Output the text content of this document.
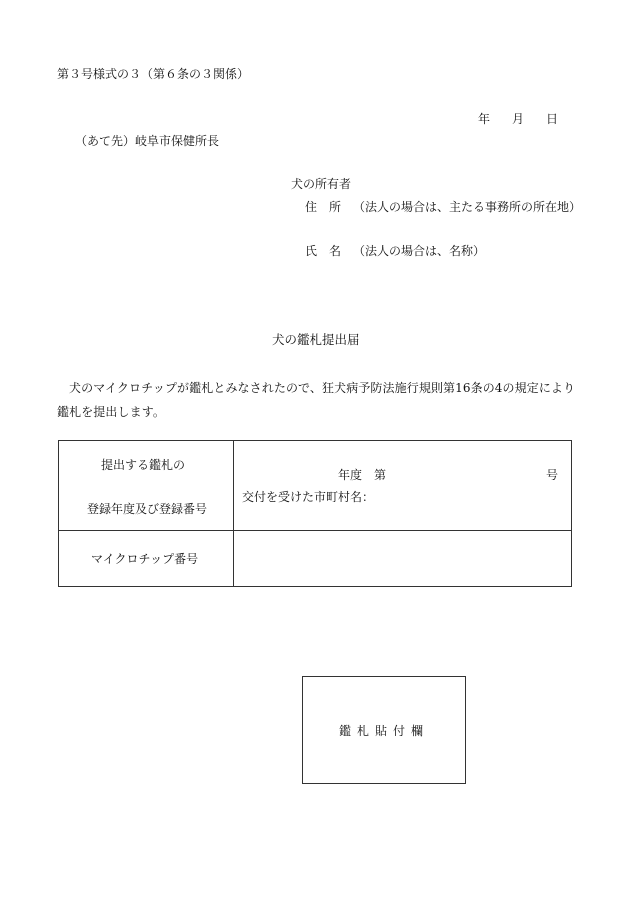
第３号様式の３（第６条の３関係）
年 月 日
（あて先）岐阜市保健所長
犬の所有者
住　所 （法人の場合は、主たる事務所の所在地）
氏　名 （法人の場合は、名称）
犬の鑑札提出届
犬のマイクロチップが鑑札とみなされたので、狂犬病予防法施行規則第16条の4の規定により鑑札を提出します。
提出する鑑札の
登録年度及び登録番号
年度 第	号
交付を受けた市町村名：
マイクロチップ番号
鑑札貼付欄
